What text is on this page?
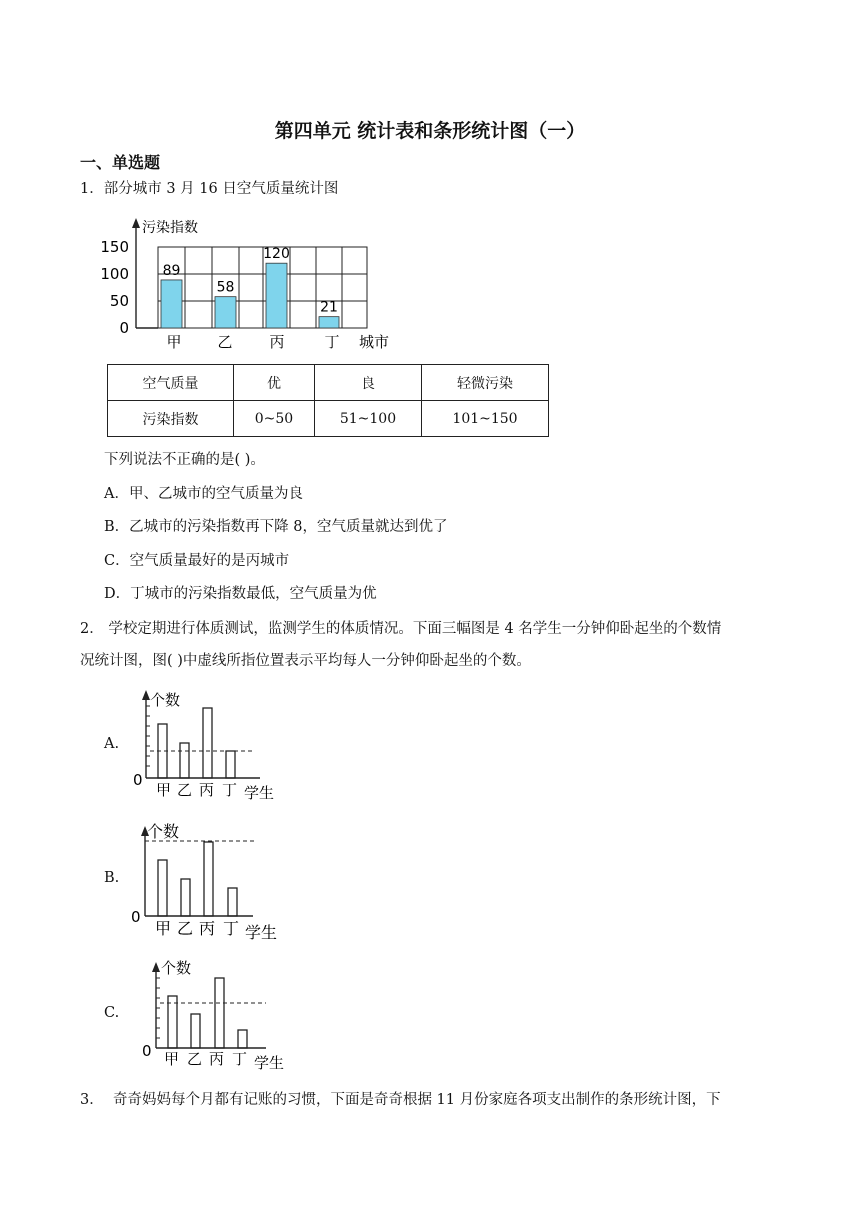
第四单元 统计表和条形统计图（一）
一、单选题
1．部分城市 3 月 16 日空气质量统计图
污染指数
150
100
50
0
城市
89
甲
58
乙
120
丙
21
丁
空气质量	优	良	轻微污染
污染指数	0~50	51~100	101~150
下列说法不正确的是( )。
A．甲、乙城市的空气质量为良
B．乙城市的污染指数再下降 8，空气质量就达到优了
C．空气质量最好的是丙城市
D．丁城市的污染指数最低，空气质量为优
2． 学校定期进行体质测试，监测学生的体质情况。下面三幅图是 4 名学生一分钟仰卧起坐的个数情
况统计图，图( )中虚线所指位置表示平均每人一分钟仰卧起坐的个数。
A.
个数
0
甲 乙 丙 丁 学生
B.
个数
0
甲 乙 丙 丁 学生
C.
个数
0 甲 乙 丙 丁 学生
3． 奇奇妈妈每个月都有记账的习惯，下面是奇奇根据 11 月份家庭各项支出制作的条形统计图，下
